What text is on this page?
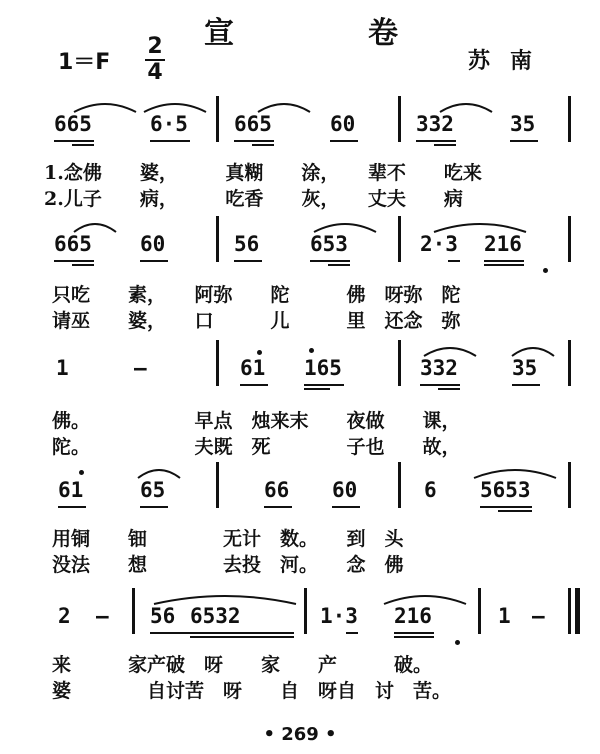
宣	卷
1＝F
2
4	苏南
665	6·5 665	60	332	35
1.念佛　　婆，　　　真糊　　涂，　　辈不　　吃来
2.儿子　　病，　　　吃香　　灰，　　丈夫　　病
665 60	56 653	2·3 216
只吃　　素，　　阿弥　　陀　　　佛　呀弥　陀
请巫　　婆，　　口　　　儿　　　里　还念　弥
1	—	61 165	332	35
佛。　　　　　　早点　烛来末　　夜做　　课，
陀。　　　　　　夫既　死　　　　子也　　故，
61	65	66 60	6 5653
用铜　　钿　　　　无计　数。　　到　头
没法　　想　　　　去投　河。　　念　佛
2 — 56 6532	1·3 216	1 —
来　　　家产破　呀　　家　　产　　　破。
婆　　　　自讨苦　呀　　自　呀自　讨　苦。
• 269 •
